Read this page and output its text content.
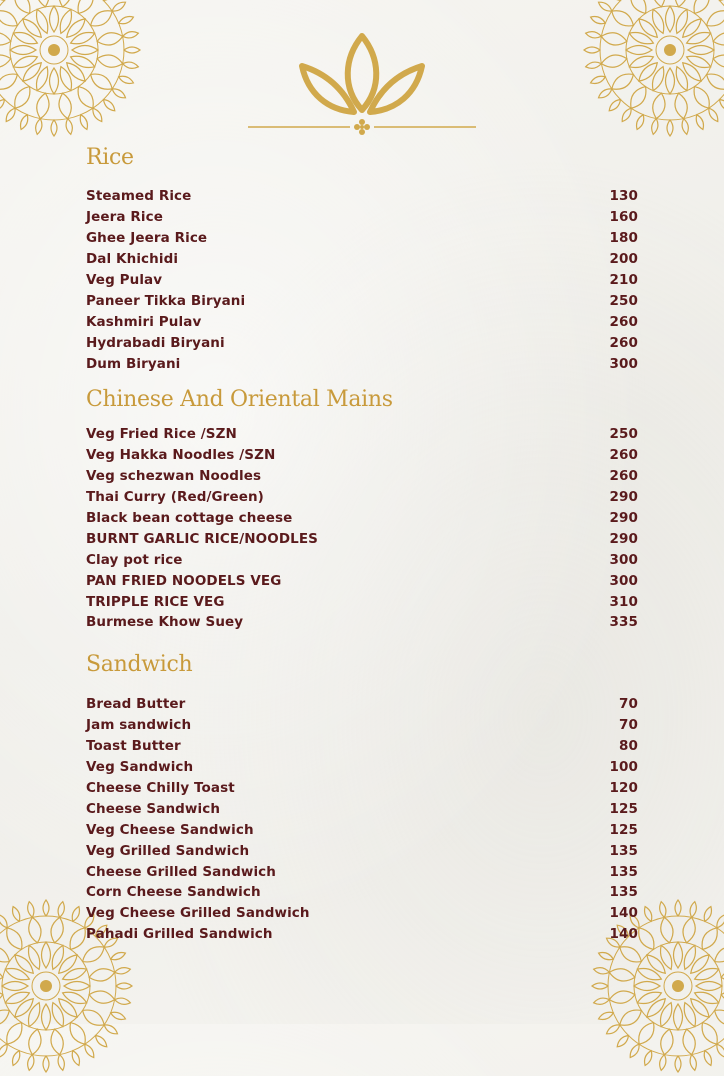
Rice
Steamed Rice	130
Jeera Rice	160
Ghee Jeera Rice	180
Dal Khichidi	200
Veg Pulav	210
Paneer Tikka Biryani	250
Kashmiri Pulav	260
Hydrabadi Biryani	260
Dum Biryani	300
Chinese And Oriental Mains
Veg Fried Rice /SZN	250
Veg Hakka Noodles /SZN	260
Veg schezwan Noodles	260
Thai Curry (Red/Green)	290
Black bean cottage cheese	290
BURNT GARLIC RICE/NOODLES	290
Clay pot rice	300
PAN FRIED NOODELS VEG	300
TRIPPLE RICE VEG	310
Burmese Khow Suey	335
Sandwich
Bread Butter	70
Jam sandwich	70
Toast Butter	80
Veg Sandwich	100
Cheese Chilly Toast	120
Cheese Sandwich	125
Veg Cheese Sandwich	125
Veg Grilled Sandwich	135
Cheese Grilled Sandwich	135
Corn Cheese Sandwich	135
Veg Cheese Grilled Sandwich	140
Pahadi Grilled Sandwich	140
